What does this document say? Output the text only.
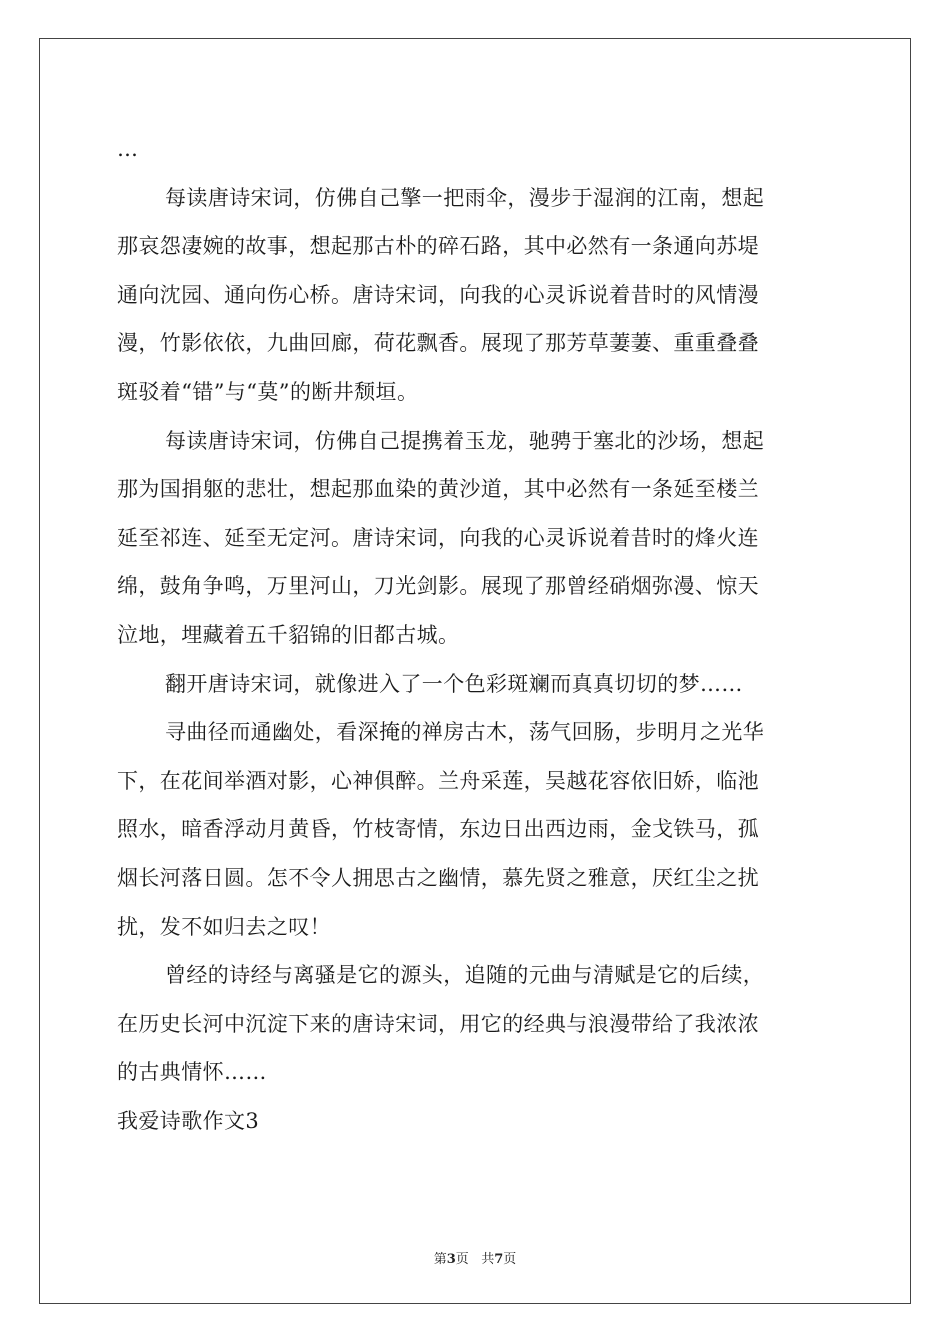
…
每读唐诗宋词，仿佛自己擎一把雨伞，漫步于湿润的江南，想起
那哀怨凄婉的故事，想起那古朴的碎石路，其中必然有一条通向苏堤
通向沈园、通向伤心桥。唐诗宋词，向我的心灵诉说着昔时的风情漫
漫，竹影依依，九曲回廊，荷花飘香。展现了那芳草萋萋、重重叠叠
斑驳着“错”与“莫”的断井颓垣。
每读唐诗宋词，仿佛自己提携着玉龙，驰骋于塞北的沙场，想起
那为国捐躯的悲壮，想起那血染的黄沙道，其中必然有一条延至楼兰
延至祁连、延至无定河。唐诗宋词，向我的心灵诉说着昔时的烽火连
绵，鼓角争鸣，万里河山，刀光剑影。展现了那曾经硝烟弥漫、惊天
泣地，埋藏着五千貂锦的旧都古城。
翻开唐诗宋词，就像进入了一个色彩斑斓而真真切切的梦……
寻曲径而通幽处，看深掩的禅房古木，荡气回肠，步明月之光华
下，在花间举酒对影，心神俱醉。兰舟采莲，吴越花容依旧娇，临池
照水，暗香浮动月黄昏，竹枝寄情，东边日出西边雨，金戈铁马，孤
烟长河落日圆。怎不令人拥思古之幽情，慕先贤之雅意，厌红尘之扰
扰，发不如归去之叹！
曾经的诗经与离骚是它的源头，追随的元曲与清赋是它的后续，
在历史长河中沉淀下来的唐诗宋词，用它的经典与浪漫带给了我浓浓
的古典情怀……
我爱诗歌作文3
第3页   共7页
